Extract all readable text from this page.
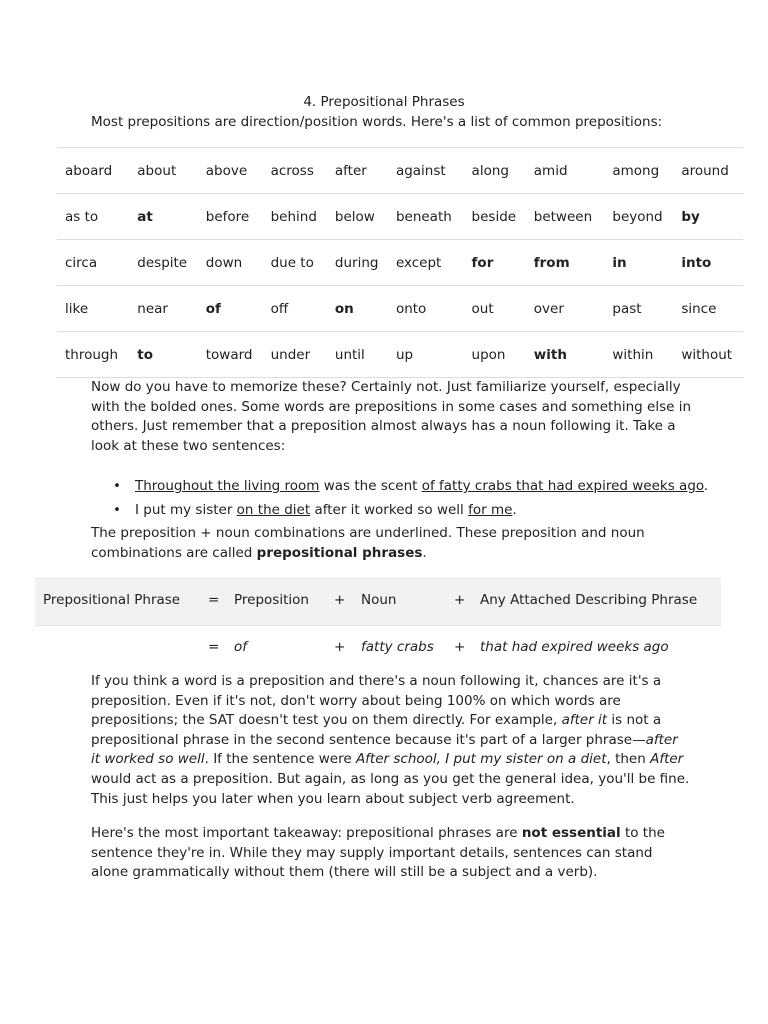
4. Prepositional Phrases
Most prepositions are direction/position words. Here's a list of common prepositions:
aboard	about	above	across	after	against	along	amid	among	around
as to	at	before	behind	below	beneath	beside	between	beyond	by
circa	despite	down	due to	during	except	for	from	in	into
like	near	of	off	on	onto	out	over	past	since
through	to	toward	under	until	up	upon	with	within	without
Now do you have to memorize these? Certainly not. Just familiarize yourself, especially with the bolded ones. Some words are prepositions in some cases and something else in others. Just remember that a preposition almost always has a noun following it. Take a look at these two sentences:
• Throughout the living room was the scent of fatty crabs that had expired weeks ago.
• I put my sister on the diet after it worked so well for me.
The preposition + noun combinations are underlined. These preposition and noun combinations are called prepositional phrases.
Prepositional Phrase = Preposition + Noun	+ Any Attached Describing Phrase
= of	+ fatty crabs + that had expired weeks ago
If you think a word is a preposition and there's a noun following it, chances are it's a preposition. Even if it's not, don't worry about being 100% on which words are prepositions; the SAT doesn't test you on them directly. For example, after it is not a prepositional phrase in the second sentence because it's part of a larger phrase—after it worked so well. If the sentence were After school, I put my sister on a diet, then After would act as a preposition. But again, as long as you get the general idea, you'll be fine. This just helps you later when you learn about subject verb agreement.
Here's the most important takeaway: prepositional phrases are not essential to the sentence they're in. While they may supply important details, sentences can stand alone grammatically without them (there will still be a subject and a verb).
